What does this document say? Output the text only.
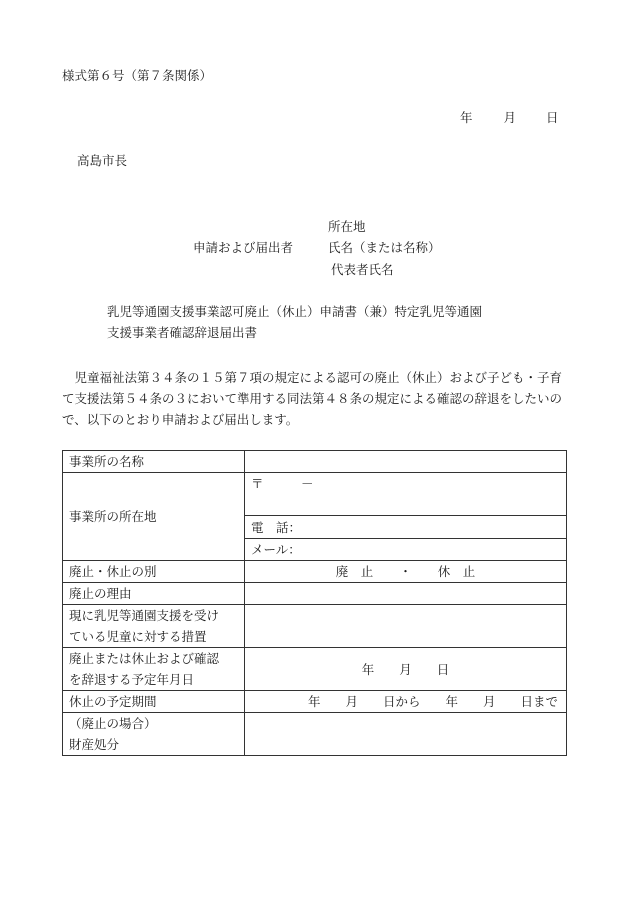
様式第６号（第７条関係）
年 月 日
高島市長
所在地
申請および届出者	氏名（または名称）
代表者氏名
乳児等通園支援事業認可廃止（休止）申請書（兼）特定乳児等通園
支援事業者確認辞退届出書
　児童福祉法第３４条の１５第７項の規定による認可の廃止（休止）および子ども・子育て支援法第５４条の３において準用する同法第４８条の規定による確認の辞退をしたいので、以下のとおり申請および届出します。
事業所の名称	
事業所の所在地	〒　　　－
	電　話：
	メール：
廃止・休止の別	廃　止 ・ 休　止
廃止の理由	

現に乳児等通園支援を受け
ている児童に対する措置	

廃止または休止および確認
を辞退する予定年月日	年　　月　　日
休止の予定期間	年　　月　　日から　　年　　月　　日まで

（廃止の場合）
財産処分	
